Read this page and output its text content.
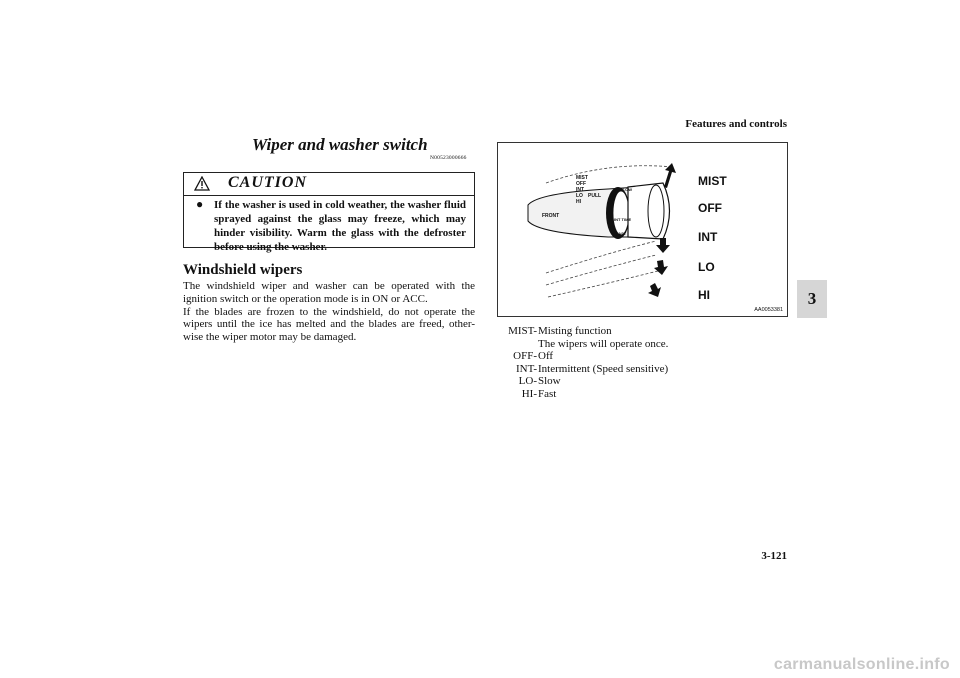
Features and controls
3
Wiper and washer switch
N00523000666
CAUTION
● If the washer is used in cold weather, the washer fluid sprayed against the glass may freeze, which may hinder visibility. Warm the glass with the defroster before using the washer.
Windshield wipers

The windshield wiper and washer can be operated with the ignition switch or the operation mode is in ON or ACC.

If the blades are frozen to the windshield, do not operate the wipers until the ice has melted and the blades are freed, other-wise the wiper motor may be damaged.

MIST
OFF
INT
LO PULL
HI
FRONT
SLOW
INT TIME
FAST
MIST
OFF
INT
LO
HI
AA0053381
MIST- Misting function
The wipers will operate once.
OFF- Off
INT- Intermittent (Speed sensitive)
LO- Slow
HI- Fast
3-121
carmanualsonline.info
